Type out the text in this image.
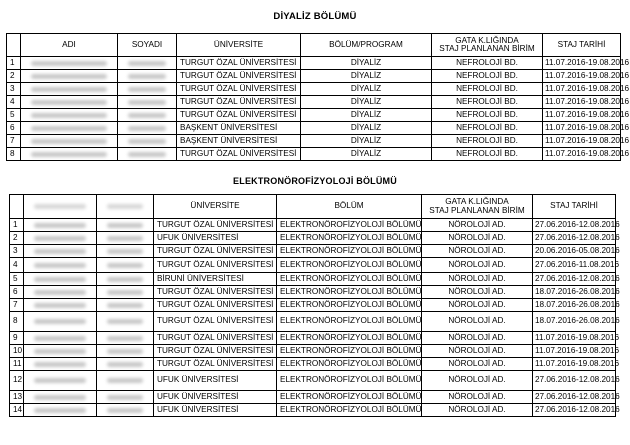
DİYALİZ BÖLÜMÜ
	ADI	SOYADI	ÜNİVERSİTE	BÖLÜM/PROGRAM	GATA K.LIĞINDA
STAJ PLANLANAN BİRİM	STAJ TARİHİ
1			TURGUT ÖZAL ÜNİVERSİTESİ	DİYALİZ	NEFROLOJİ BD.	11.07.2016-19.08.2016
2			TURGUT ÖZAL ÜNİVERSİTESİ	DİYALİZ	NEFROLOJİ BD.	11.07.2016-19.08.2016
3			TURGUT ÖZAL ÜNİVERSİTESİ	DİYALİZ	NEFROLOJİ BD.	11.07.2016-19.08.2016
4			TURGUT ÖZAL ÜNİVERSİTESİ	DİYALİZ	NEFROLOJİ BD.	11.07.2016-19.08.2016
5			TURGUT ÖZAL ÜNİVERSİTESİ	DİYALİZ	NEFROLOJİ BD.	11.07.2016-19.08.2016
6			BAŞKENT ÜNİVERSİTESİ	DİYALİZ	NEFROLOJİ BD.	11.07.2016-19.08.2016
7			BAŞKENT ÜNİVERSİTESİ	DİYALİZ	NEFROLOJİ BD.	11.07.2016-19.08.2016
8			TURGUT ÖZAL ÜNİVERSİTESİ	DİYALİZ	NEFROLOJİ BD.	11.07.2016-19.08.2016
ELEKTRONÖROFİZYOLOJİ BÖLÜMÜ
			ÜNİVERSİTE	BÖLÜM	GATA K.LIĞINDA
STAJ PLANLANAN BİRİM	STAJ TARİHİ
1			TURGUT ÖZAL ÜNİVERSİTESİ	ELEKTRONÖROFİZYOLOJİ BÖLÜMÜ	NÖROLOJİ AD.	27.06.2016-12.08.2016
2			UFUK ÜNİVERSİTESİ	ELEKTRONÖROFİZYOLOJİ BÖLÜMÜ	NÖROLOJİ AD.	27.06.2016-12.08.2016
3			TURGUT ÖZAL ÜNİVERSİTESİ	ELEKTRONÖROFİZYOLOJİ BÖLÜMÜ	NÖROLOJİ AD.	20.06.2016-05.08.2016
4			TURGUT ÖZAL ÜNİVERSİTESİ	ELEKTRONÖROFİZYOLOJİ BÖLÜMÜ	NÖROLOJİ AD.	27.06.2016-11.08.2016
5			BİRUNİ ÜNİVERSİTESİ	ELEKTRONÖROFİZYOLOJİ BÖLÜMÜ	NÖROLOJİ AD.	27.06.2016-12.08.2016
6			TURGUT ÖZAL ÜNİVERSİTESİ	ELEKTRONÖROFİZYOLOJİ BÖLÜMÜ	NÖROLOJİ AD.	18.07.2016-26.08.2016
7			TURGUT ÖZAL ÜNİVERSİTESİ	ELEKTRONÖROFİZYOLOJİ BÖLÜMÜ	NÖROLOJİ AD.	18.07.2016-26.08.2016
8			TURGUT ÖZAL ÜNİVERSİTESİ	ELEKTRONÖROFİZYOLOJİ BÖLÜMÜ	NÖROLOJİ AD.	18.07.2016-26.08.2016
9			TURGUT ÖZAL ÜNİVERSİTESİ	ELEKTRONÖROFİZYOLOJİ BÖLÜMÜ	NÖROLOJİ AD.	11.07.2016-19.08.2016
10			TURGUT ÖZAL ÜNİVERSİTESİ	ELEKTRONÖROFİZYOLOJİ BÖLÜMÜ	NÖROLOJİ AD.	11.07.2016-19.08.2016
11			TURGUT ÖZAL ÜNİVERSİTESİ	ELEKTRONÖROFİZYOLOJİ BÖLÜMÜ	NÖROLOJİ AD.	11.07.2016-19.08.2016
12			UFUK ÜNİVERSİTESİ	ELEKTRONÖROFİZYOLOJİ BÖLÜMÜ	NÖROLOJİ AD.	27.06.2016-12.08.2016
13			UFUK ÜNİVERSİTESİ	ELEKTRONÖROFİZYOLOJİ BÖLÜMÜ	NÖROLOJİ AD.	27.06.2016-12.08.2016
14			UFUK ÜNİVERSİTESİ	ELEKTRONÖROFİZYOLOJİ BÖLÜMÜ	NÖROLOJİ AD.	27.06.2016-12.08.2016
